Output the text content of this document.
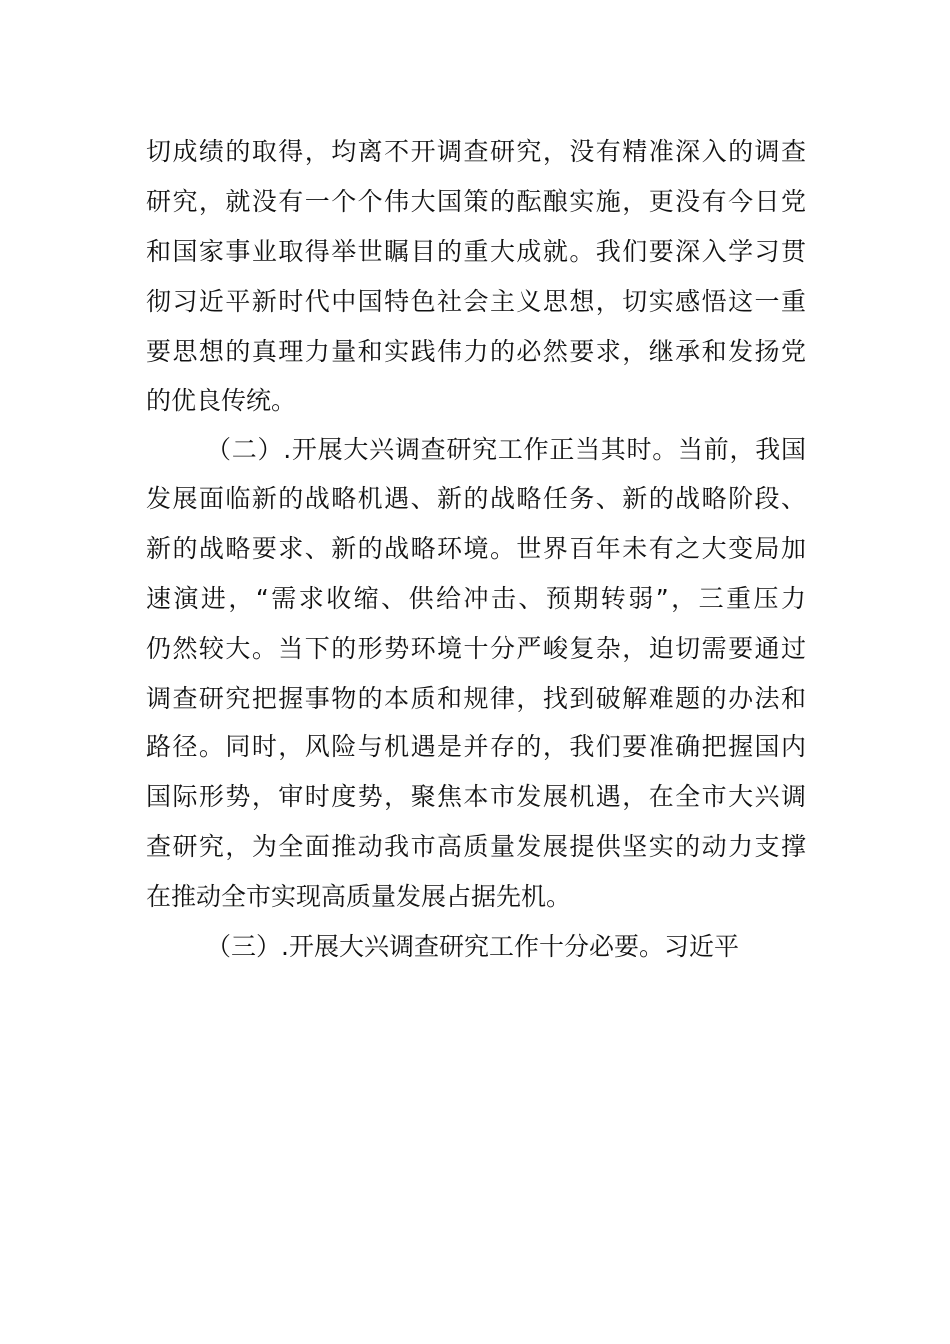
切成绩的取得，均离不开调查研究，没有精准深入的调查
研究，就没有一个个伟大国策的酝酿实施，更没有今日党
和国家事业取得举世瞩目的重大成就。我们要深入学习贯
彻习近平新时代中国特色社会主义思想，切实感悟这一重
要思想的真理力量和实践伟力的必然要求，继承和发扬党
的优良传统。
（二）.开展大兴调查研究工作正当其时。当前，我国
发展面临新的战略机遇、新的战略任务、新的战略阶段、
新的战略要求、新的战略环境。世界百年未有之大变局加
速演进，“需求收缩、供给冲击、预期转弱”，三重压力
仍然较大。当下的形势环境十分严峻复杂，迫切需要通过
调查研究把握事物的本质和规律，找到破解难题的办法和
路径。同时，风险与机遇是并存的，我们要准确把握国内
国际形势，审时度势，聚焦本市发展机遇，在全市大兴调
查研究，为全面推动我市高质量发展提供坚实的动力支撑
在推动全市实现高质量发展占据先机。
（三）.开展大兴调查研究工作十分必要。习近平
